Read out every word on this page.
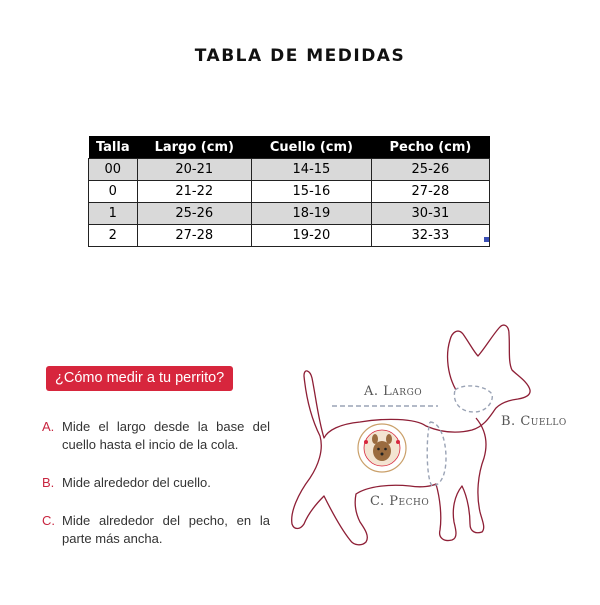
TABLA DE MEDIDAS
Talla	Largo (cm)	Cuello (cm)	Pecho (cm)
00	20-21	14-15	25-26
0	21-22	15-16	27-28
1	25-26	18-19	30-31
2	27-28	19-20	32-33
¿Cómo medir a tu perrito?
A. Mide el largo desde la base del cuello hasta el incio de la cola.
B. Mide alrededor del cuello.
C. Mide alrededor del pecho, en la parte más ancha.
A. Largo
B. Cuello
C. Pecho
